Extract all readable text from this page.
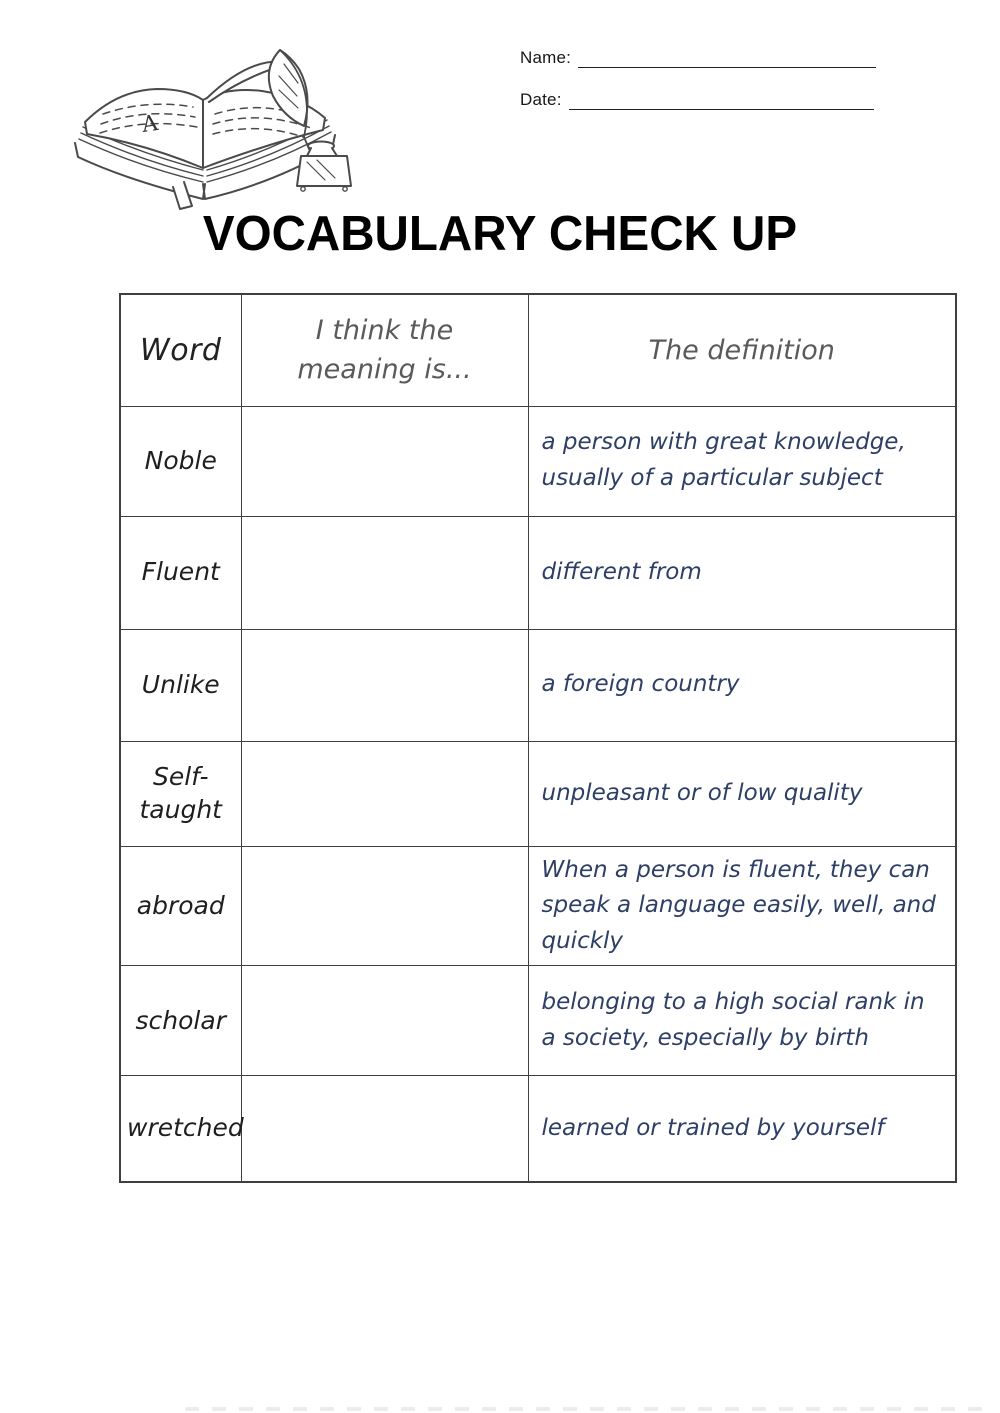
A
Name:
Date:
VOCABULARY CHECK UP
Word	I think the meaning is...	The definition
Noble		a person with great knowledge, usually of a particular subject
Fluent		different from
Unlike		a foreign country
Self-taught		unpleasant or of low quality
abroad		When a person is fluent, they can speak a language easily, well, and quickly
scholar		belonging to a high social rank in a society, especially by birth
wretched		learned or trained by yourself
